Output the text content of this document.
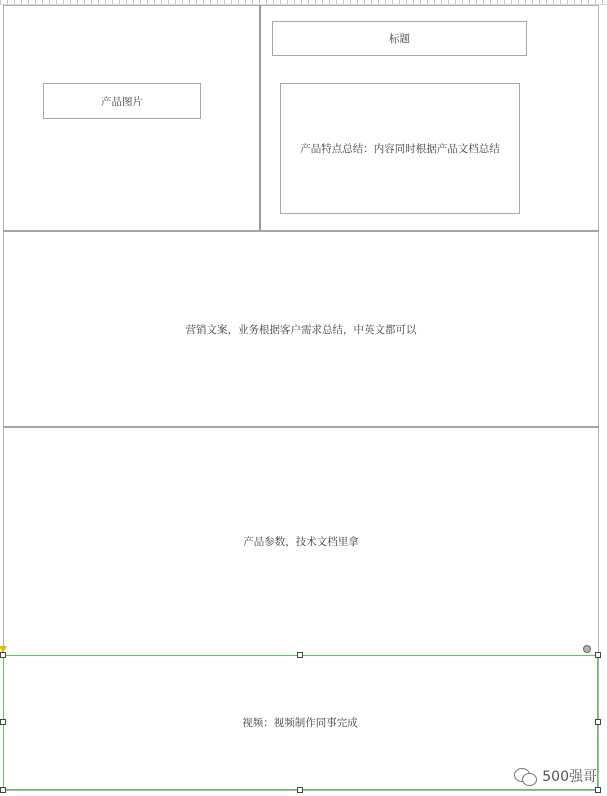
产品图片
标题
产品特点总结：内容同时根据产品文档总结
营销文案，业务根据客户需求总结，中英文都可以
产品参数，技术文档里拿
视频：视频制作同事完成
500强哥
